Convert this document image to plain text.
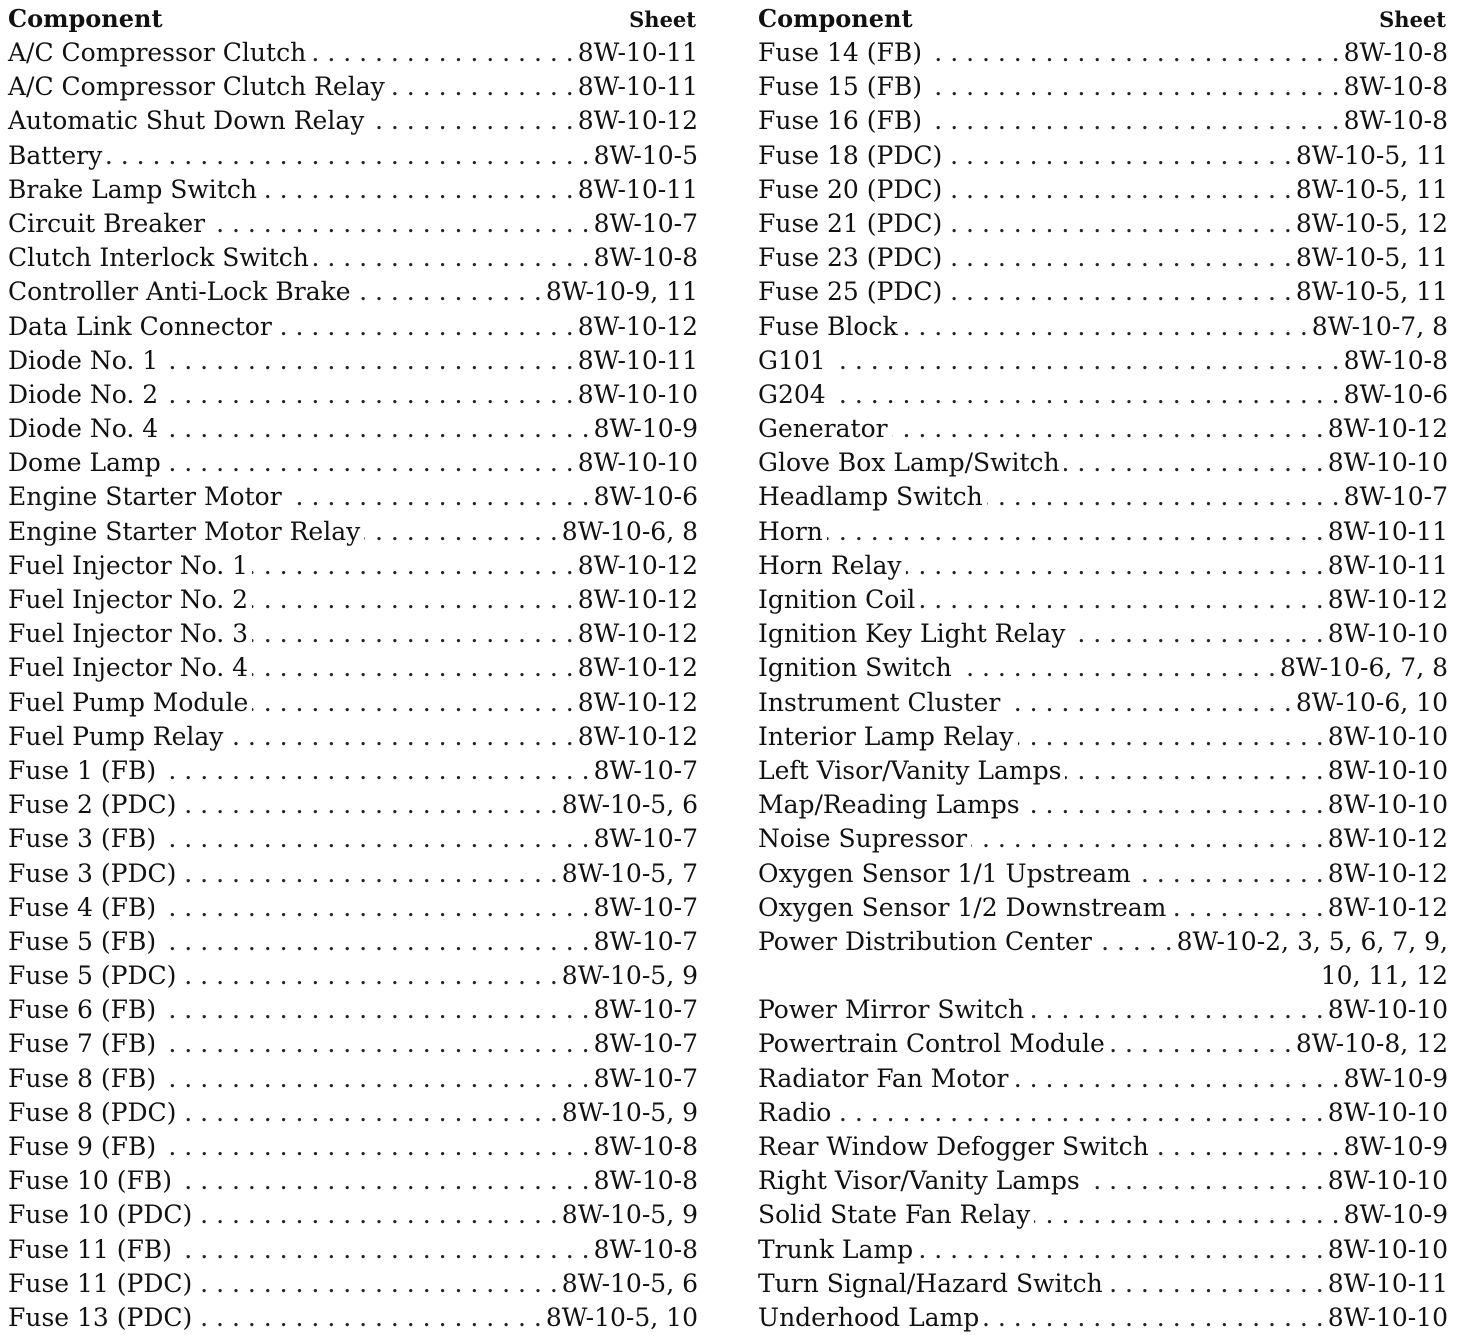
Component	Sheet
A/C Compressor Clutch . . .	8W-10-11
A/C Compressor Clutch Relay . . .	8W-10-11
Automatic Shut Down Relay . . .	8W-10-12
Battery . . .	8W-10-5
Brake Lamp Switch . . .	8W-10-11
Circuit Breaker . . .	8W-10-7
Clutch Interlock Switch . . .	8W-10-8
Controller Anti-Lock Brake . . .	8W-10-9, 11
Data Link Connector . . .	8W-10-12
Diode No. 1 . . .	8W-10-11
Diode No. 2 . . .	8W-10-10
Diode No. 4 . . .	8W-10-9
Dome Lamp . . .	8W-10-10
Engine Starter Motor . . .	8W-10-6
Engine Starter Motor Relay . . .	8W-10-6, 8
Fuel Injector No. 1 . . .	8W-10-12
Fuel Injector No. 2 . . .	8W-10-12
Fuel Injector No. 3 . . .	8W-10-12
Fuel Injector No. 4 . . .	8W-10-12
Fuel Pump Module . . .	8W-10-12
Fuel Pump Relay . . .	8W-10-12
Fuse 1 (FB) . . .	8W-10-7
Fuse 2 (PDC) . . .	8W-10-5, 6
Fuse 3 (FB) . . .	8W-10-7
Fuse 3 (PDC) . . .	8W-10-5, 7
Fuse 4 (FB) . . .	8W-10-7
Fuse 5 (FB) . . .	8W-10-7
Fuse 5 (PDC) . . .	8W-10-5, 9
Fuse 6 (FB) . . .	8W-10-7
Fuse 7 (FB) . . .	8W-10-7
Fuse 8 (FB) . . .	8W-10-7
Fuse 8 (PDC) . . .	8W-10-5, 9
Fuse 9 (FB) . . .	8W-10-8
Fuse 10 (FB) . . .	8W-10-8
Fuse 10 (PDC) . . .	8W-10-5, 9
Fuse 11 (FB) . . .	8W-10-8
Fuse 11 (PDC) . . .	8W-10-5, 6
Fuse 13 (PDC) . . .	8W-10-5, 10
Component	Sheet
Fuse 14 (FB) . . .	8W-10-8
Fuse 15 (FB) . . .	8W-10-8
Fuse 16 (FB) . . .	8W-10-8
Fuse 18 (PDC) . . .	8W-10-5, 11
Fuse 20 (PDC) . . .	8W-10-5, 11
Fuse 21 (PDC) . . .	8W-10-5, 12
Fuse 23 (PDC) . . .	8W-10-5, 11
Fuse 25 (PDC) . . .	8W-10-5, 11
Fuse Block . . .	8W-10-7, 8
G101 . . .	8W-10-8
G204 . . .	8W-10-6
Generator . . .	8W-10-12
Glove Box Lamp/Switch . . .	8W-10-10
Headlamp Switch . . .	8W-10-7
Horn . . .	8W-10-11
Horn Relay . . .	8W-10-11
Ignition Coil . . .	8W-10-12
Ignition Key Light Relay . . .	8W-10-10
Ignition Switch . . .	8W-10-6, 7, 8
Instrument Cluster . . .	8W-10-6, 10
Interior Lamp Relay . . .	8W-10-10
Left Visor/Vanity Lamps . . .	8W-10-10
Map/Reading Lamps . . .	8W-10-10
Noise Supressor . . .	8W-10-12
Oxygen Sensor 1/1 Upstream . . .	8W-10-12
Oxygen Sensor 1/2 Downstream . . .	8W-10-12
Power Distribution Center . . .	8W-10-2, 3, 5, 6, 7, 9,
10, 11, 12
Power Mirror Switch . . .	8W-10-10
Powertrain Control Module . . .	8W-10-8, 12
Radiator Fan Motor . . .	8W-10-9
Radio . . .	8W-10-10
Rear Window Defogger Switch . . .	8W-10-9
Right Visor/Vanity Lamps . . .	8W-10-10
Solid State Fan Relay . . .	8W-10-9
Trunk Lamp . . .	8W-10-10
Turn Signal/Hazard Switch . . .	8W-10-11
Underhood Lamp . . .	8W-10-10
